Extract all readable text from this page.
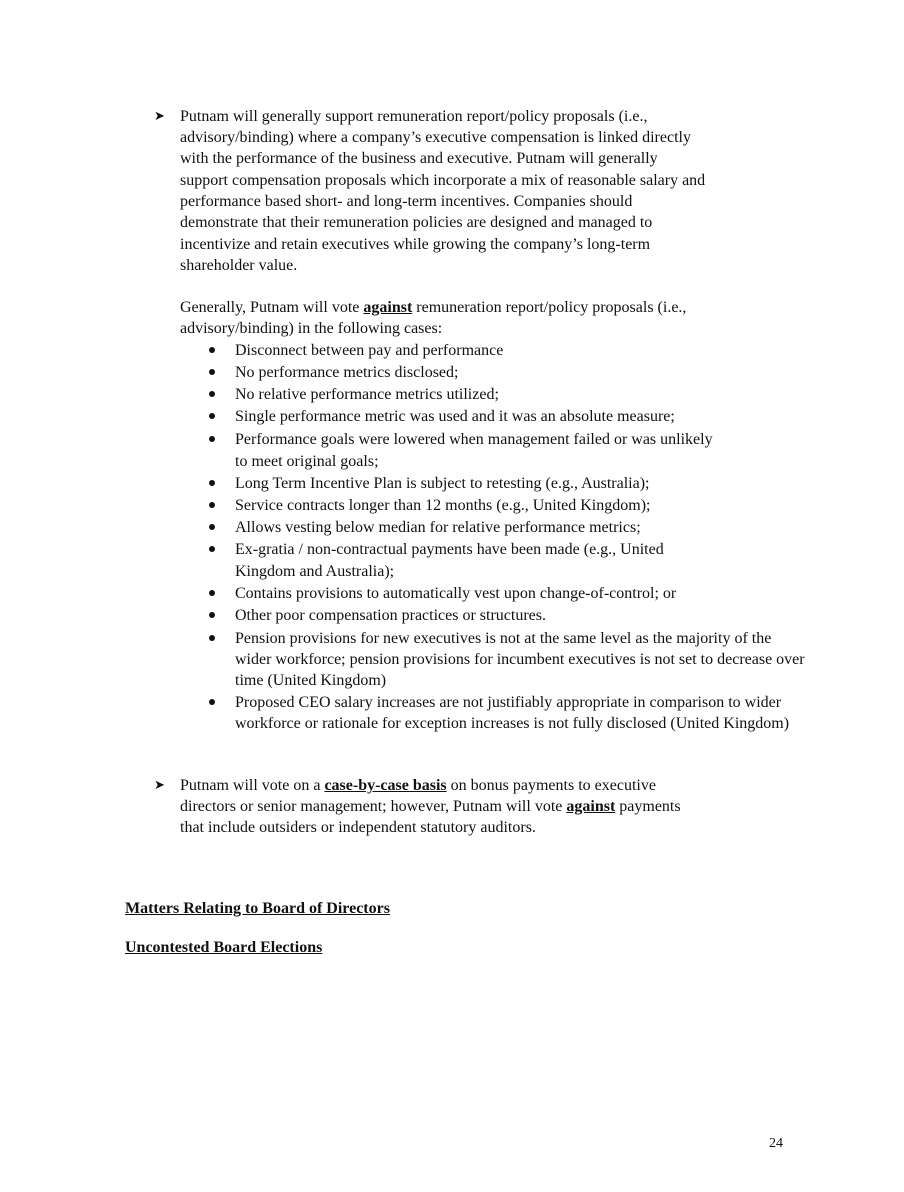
➤ Putnam will generally support remuneration report/policy proposals (i.e.,
advisory/binding) where a company’s executive compensation is linked directly
with the performance of the business and executive. Putnam will generally
support compensation proposals which incorporate a mix of reasonable salary and
performance based short- and long-term incentives. Companies should
demonstrate that their remuneration policies are designed and managed to
incentivize and retain executives while growing the company’s long-term
shareholder value.
Generally, Putnam will vote against remuneration report/policy proposals (i.e.,
advisory/binding) in the following cases:
Disconnect between pay and performance
No performance metrics disclosed;
No relative performance metrics utilized;
Single performance metric was used and it was an absolute measure;
Performance goals were lowered when management failed or was unlikely
to meet original goals;
Long Term Incentive Plan is subject to retesting (e.g., Australia);
Service contracts longer than 12 months (e.g., United Kingdom);
Allows vesting below median for relative performance metrics;
Ex-gratia / non-contractual payments have been made (e.g., United
Kingdom and Australia);
Contains provisions to automatically vest upon change-of-control; or
Other poor compensation practices or structures.
Pension provisions for new executives is not at the same level as the majority of the
wider workforce; pension provisions for incumbent executives is not set to decrease over
time (United Kingdom)
Proposed CEO salary increases are not justifiably appropriate in comparison to wider
workforce or rationale for exception increases is not fully disclosed (United Kingdom)
➤ Putnam will vote on a case-by-case basis on bonus payments to executive
directors or senior management; however, Putnam will vote against payments
that include outsiders or independent statutory auditors.
Matters Relating to Board of Directors
Uncontested Board Elections
24
